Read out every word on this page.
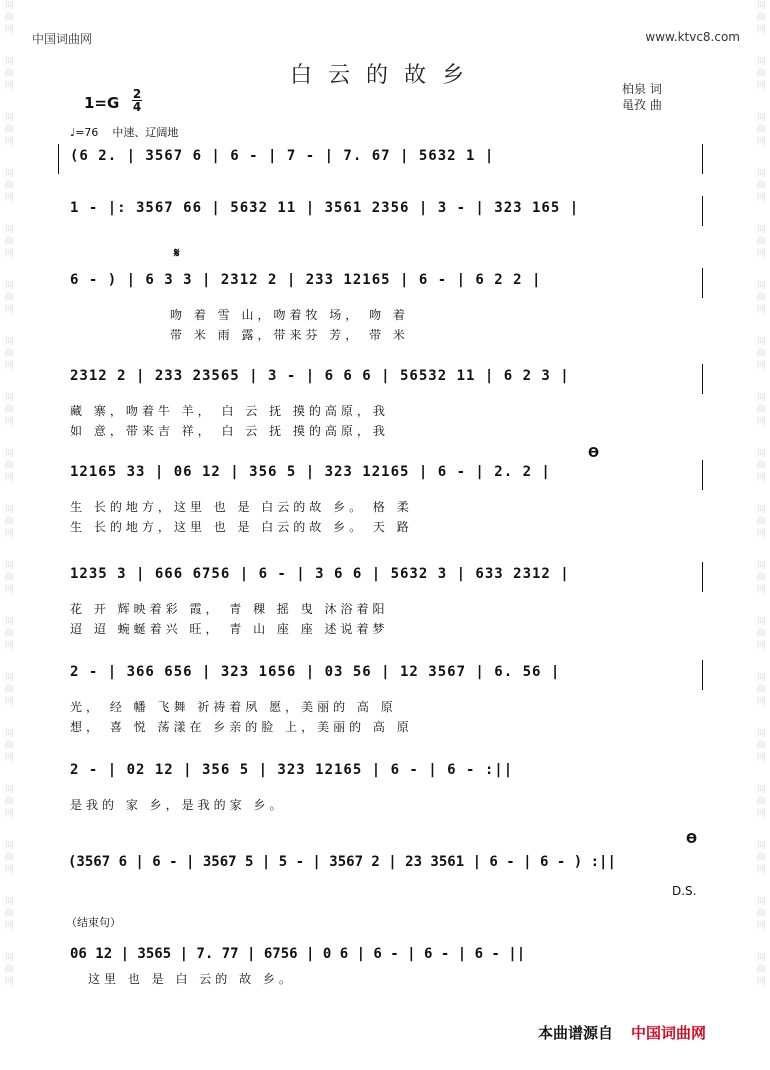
词曲网
词曲网
词曲网
词曲网
词曲网
词曲网
词曲网
词曲网
词曲网
词曲网
词曲网
词曲网
词曲网
词曲网
词曲网
词曲网
词曲网
词曲网
词曲网
词曲网
词曲网
词曲网
词曲网
词曲网
词曲网
词曲网
词曲网
词曲网
词曲网
词曲网
词曲网
词曲网
词曲网
词曲网
词曲网
词曲网
中国词曲网	www.ktvc8.com
白云的故乡
柏泉 词
黾孜 曲
1=G 2
4
♩=76 中速、辽阔地
(6 2. | 3567 6 | 6 - | 7 - | 7. 67 | 5632 1 |
1 - |: 3567 66 | 5632 11 | 3561 2356 | 3 - | 323 165 |
𝄋
6 - ) | 6 3 3 | 2312 2 | 233 12165 | 6 - | 6 2 2 |
吻 着 雪 山，吻着牧 场， 吻 着
带 米 雨 露，带来芬 芳， 带 米
2312 2 | 233 23565 | 3 - | 6 6 6 | 56532 11 | 6 2 3 |
藏 寨，吻着牛 羊， 白 云 抚 摸的高原，我
如 意，带来吉 祥， 白 云 抚 摸的高原，我
ϴ
12165 33 | 06 12 | 356 5 | 323 12165 | 6 - | 2. 2 |
生 长的地方，这里 也 是 白云的故 乡。 格 柔
生 长的地方，这里 也 是 白云的故 乡。 天 路
1235 3 | 666 6756 | 6 - | 3 6 6 | 5632 3 | 633 2312 |
花 开 辉映着彩 霞， 青 稞 摇 曳 沐浴着阳
迢 迢 蜿蜒着兴 旺， 青 山 座 座 述说着梦
2 - | 366 656 | 323 1656 | 03 56 | 12 3567 | 6. 56 |
光， 经 幡 飞舞 祈祷着夙 愿，美丽的 高 原
想， 喜 悦 荡漾在 乡亲的脸 上，美丽的 高 原
2 - | 02 12 | 356 5 | 323 12165 | 6 - | 6 - :||
是我的 家 乡，是我的家 乡。
ϴ
(3567 6 | 6 - | 3567 5 | 5 - | 3567 2 | 23 3561 | 6 - | 6 - ) :||
D.S.
（结束句）
06 12 | 3565 | 7. 77 | 6756 | 0 6 | 6 - | 6 - | 6 - ||
这里 也 是 白 云的 故 乡。
本曲谱源自 中国词曲网
